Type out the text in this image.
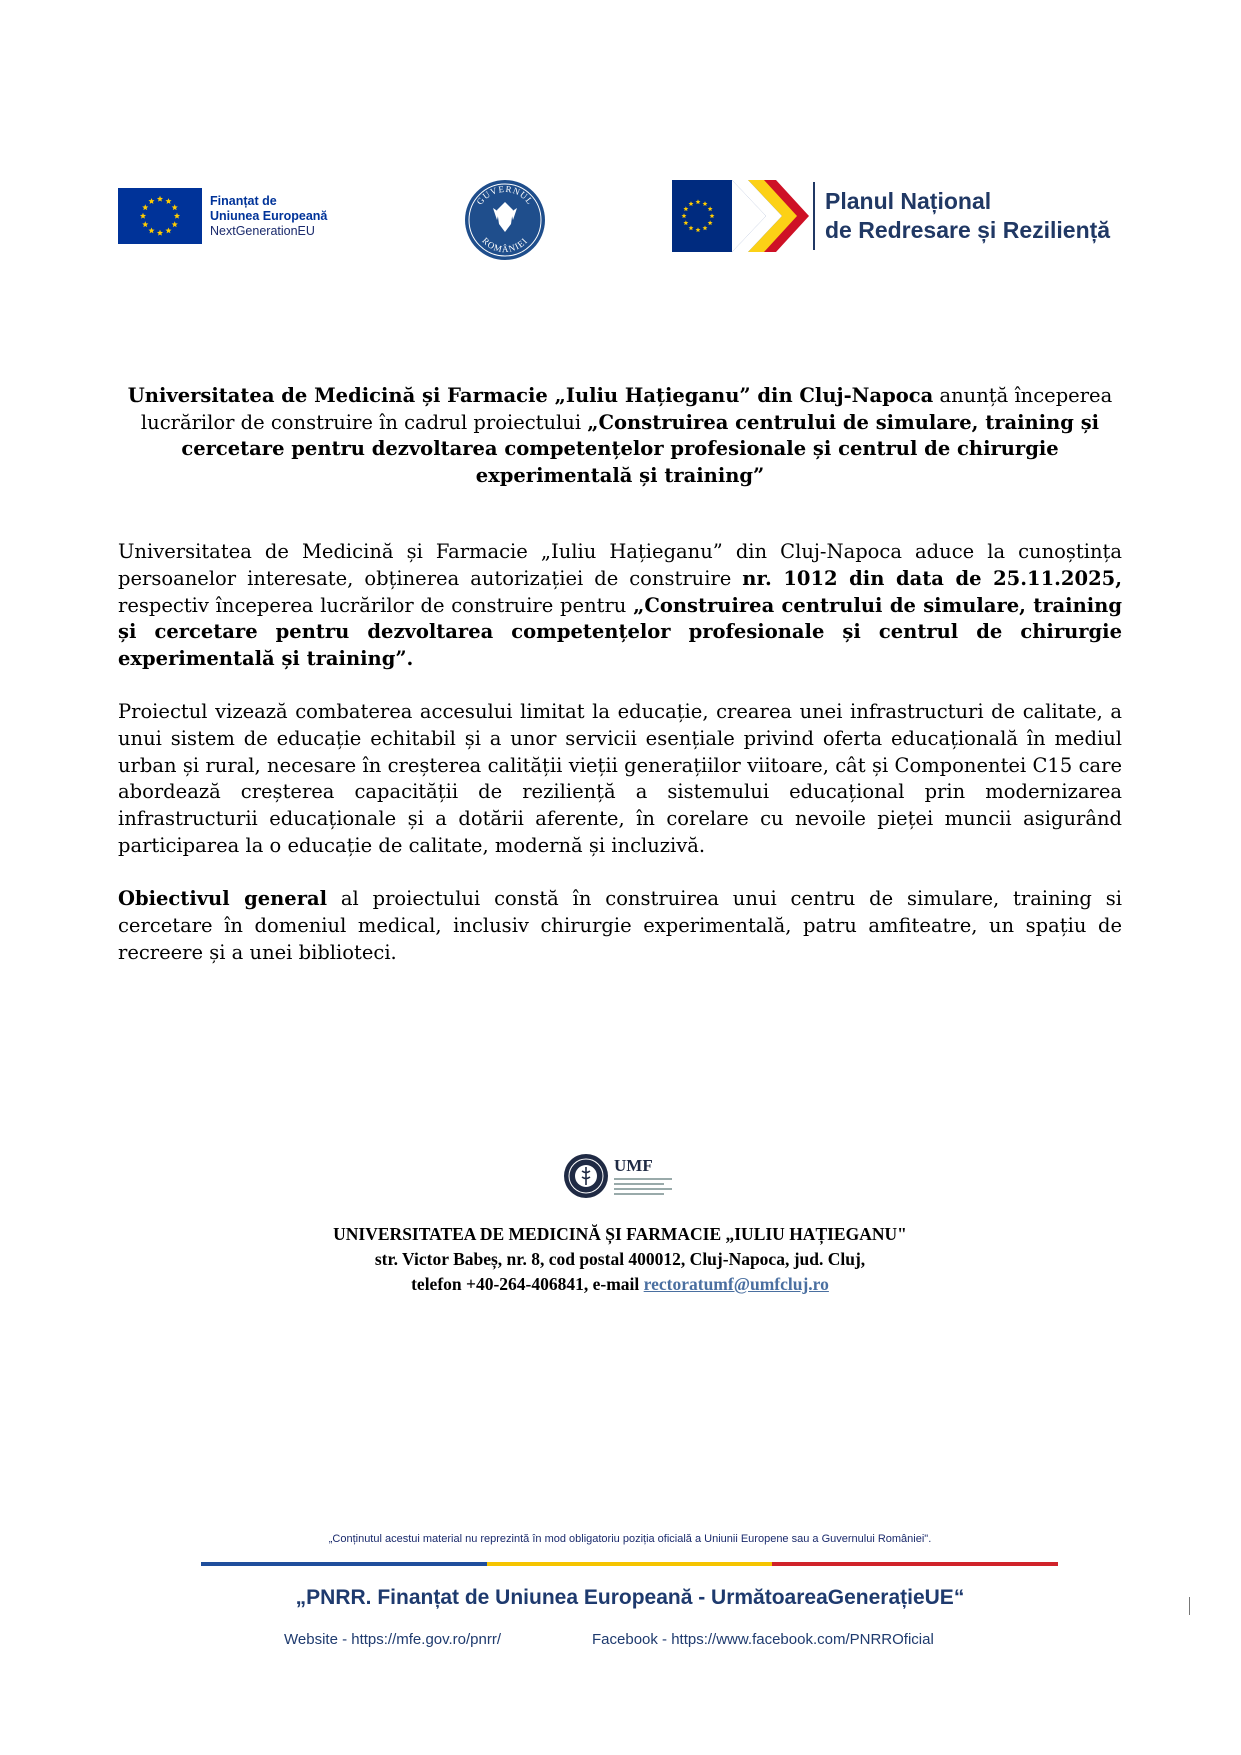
Finanțat de
Uniunea Europeană
NextGenerationEU
GUVERNUL
ROMÂNIEI
Planul Național
de Redresare și Reziliență
Universitatea de Medicină și Farmacie „Iuliu Hațieganu” din Cluj-Napoca anunță începerea lucrărilor de construire în cadrul proiectului „Construirea centrului de simulare, training și cercetare pentru dezvoltarea competențelor profesionale și centrul de chirurgie experimentală și training”
Universitatea de Medicină și Farmacie „Iuliu Hațieganu” din Cluj-Napoca aduce la cunoștința persoanelor interesate, obținerea autorizației de construire nr. 1012 din data de 25.11.2025, respectiv începerea lucrărilor de construire pentru „Construirea centrului de simulare, training și cercetare pentru dezvoltarea competențelor profesionale și centrul de chirurgie experimentală și training”.
Proiectul vizează combaterea accesului limitat la educație, crearea unei infrastructuri de calitate, a unui sistem de educație echitabil și a unor servicii esențiale privind oferta educațională în mediul urban și rural, necesare în creșterea calității vieții generațiilor viitoare, cât și Componentei C15 care abordează creșterea capacității de reziliență a sistemului educațional prin modernizarea infrastructurii educaționale și a dotării aferente, în corelare cu nevoile pieței muncii asigurând participarea la o educație de calitate, modernă și incluzivă.
Obiectivul general al proiectului constă în construirea unui centru de simulare, training si cercetare în domeniul medical, inclusiv chirurgie experimentală, patru amfiteatre, un spațiu de recreere și a unei biblioteci.
UMF
UNIVERSITATEA DE MEDICINĂ ȘI FARMACIE „IULIU HAȚIEGANU"
str. Victor Babeș, nr. 8, cod postal 400012, Cluj-Napoca, jud. Cluj,
telefon +40-264-406841, e-mail rectoratumf@umfcluj.ro
„Conținutul acestui material nu reprezintă în mod obligatoriu poziția oficială a Uniunii Europene sau a Guvernului României".
„PNRR. Finanțat de Uniunea Europeană - UrmătoareaGenerațieUE“
Website - https://mfe.gov.ro/pnrr/	Facebook - https://www.facebook.com/PNRROficial
